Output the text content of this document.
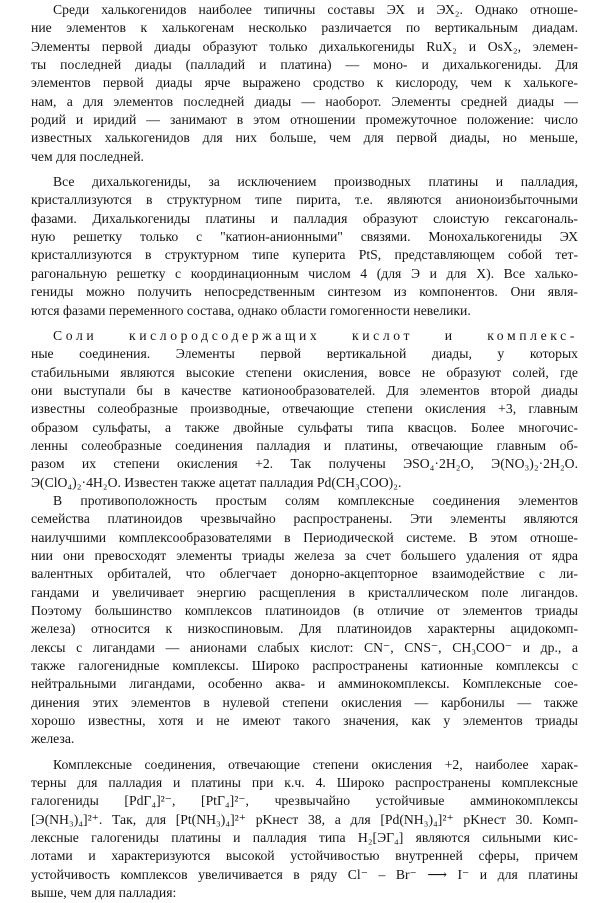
Среди халькогенидов наиболее типичны составы ЭХ и ЭХ₂. Однако отноше-
ние элементов к халькогенам несколько различается по вертикальным диадам.
Элементы первой диады образуют только дихалькогениды RuX₂ и OsX₂, элемен-
ты последней диады (палладий и платина) — моно- и дихалькогениды. Для
элементов первой диады ярче выражено сродство к кислороду, чем к халькоге-
нам, а для элементов последней диады — наоборот. Элементы средней диады —
родий и иридий — занимают в этом отношении промежуточное положение: число
известных халькогенидов для них больше, чем для первой диады, но меньше,
чем для последней.
Все дихалькогениды, за исключением производных платины и палладия,
кристаллизуются в структурном типе пирита, т.е. являются анионоизбыточными
фазами. Дихалькогениды платины и палладия образуют слоистую гексагональ-
ную решетку только с "катион-анионными" связями. Монохалькогениды ЭХ
кристаллизуются в структурном типе куперита PtS, представляющем собой тет-
рагональную решетку с координационным числом 4 (для Э и для Х). Все халько-
гениды можно получить непосредственным синтезом из компонентов. Они явля-
ются фазами переменного состава, однако области гомогенности невелики.
Соли кислородсодержащих кислот и комплекс-
ные соединения. Элементы первой вертикальной диады, у которых
стабильными являются высокие степени окисления, вовсе не образуют солей, где
они выступали бы в качестве катионообразователей. Для элементов второй диады
известны солеобразные производные, отвечающие степени окисления +3, главным
образом сульфаты, а также двойные сульфаты типа квасцов. Более многочис-
ленны солеобразные соединения палладия и платины, отвечающие главным об-
разом их степени окисления +2. Так получены ЭSO₄·2H₂O, Э(NO₃)₂·2H₂O.
Э(ClO₄)₂·4H₂O. Известен также ацетат палладия Pd(CH₃COO)₂.
В противоположность простым солям комплексные соединения элементов
семейства платиноидов чрезвычайно распространены. Эти элементы являются
наилучшими комплексообразователями в Периодической системе. В этом отноше-
нии они превосходят элементы триады железа за счет большего удаления от ядра
валентных орбиталей, что облегчает донорно-акцепторное взаимодействие с ли-
гандами и увеличивает энергию расщепления в кристаллическом поле лигандов.
Поэтому большинство комплексов платиноидов (в отличие от элементов триады
железа) относится к низкоспиновым. Для платиноидов характерны ацидокомп-
лексы с лигандами — анионами слабых кислот: CN⁻, CNS⁻, CH₃COO⁻ и др., а
также галогенидные комплексы. Широко распространены катионные комплексы с
нейтральными лигандами, особенно аква- и амминокомплексы. Комплексные сое-
динения этих элементов в нулевой степени окисления — карбонилы — также
хорошо известны, хотя и не имеют такого значения, как у элементов триады
железа.
Комплексные соединения, отвечающие степени окисления +2, наиболее харак-
терны для палладия и платины при к.ч. 4. Широко распространены комплексные
галогениды [PdГ₄]²⁻, [PtГ₄]²⁻, чрезвычайно устойчивые амминокомплексы
[Э(NH₃)₄]²⁺. Так, для [Pt(NH₃)₄]²⁺ pKнест 38, а для [Pd(NH₃)₄]²⁺ pKнест 30. Комп-
лексные галогениды платины и палладия типа H₂[ЭГ₄] являются сильными кис-
лотами и характеризуются высокой устойчивостью внутренней сферы, причем
устойчивость комплексов увеличивается в ряду Cl⁻ – Br⁻ ⟶ I⁻ и для платины
выше, чем для палладия:
